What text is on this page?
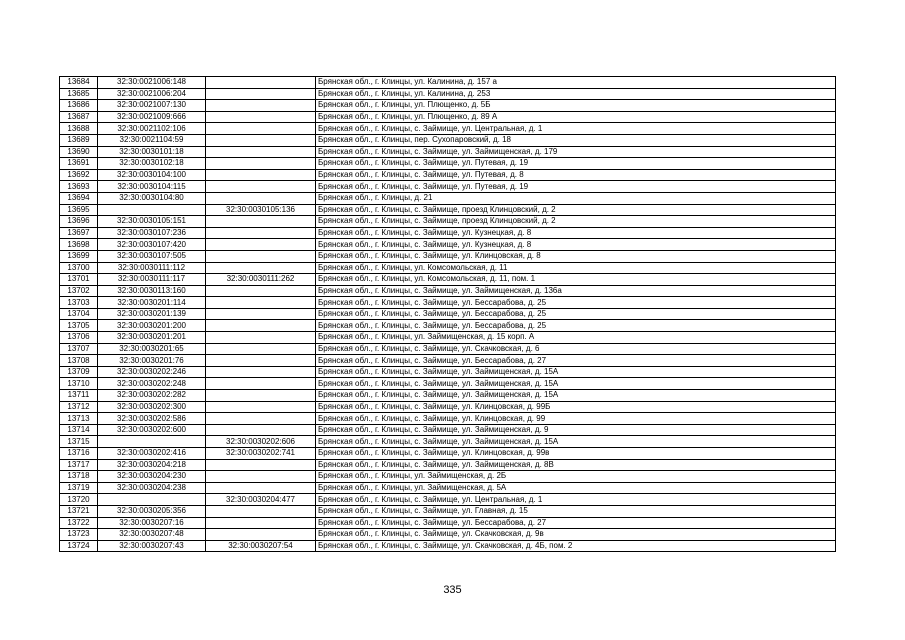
13684	32:30:0021006:148		Брянская обл., г. Клинцы, ул. Калинина, д. 157 а
13685	32:30:0021006:204		Брянская обл., г. Клинцы, ул. Калинина, д. 253
13686	32:30:0021007:130		Брянская обл., г. Клинцы, ул. Плющенко, д. 5Б
13687	32:30:0021009:666		Брянская обл., г. Клинцы, ул. Плющенко, д. 89 А
13688	32:30:0021102:106		Брянская обл., г. Клинцы, с. Займище, ул. Центральная, д. 1
13689	32:30:0021104:59		Брянская обл., г. Клинцы, пер. Сухопаровский, д. 18
13690	32:30:0030101:18		Брянская обл., г. Клинцы, с. Займище, ул. Займищенская, д. 179
13691	32:30:0030102:18		Брянская обл., г. Клинцы, с. Займище, ул. Путевая, д. 19
13692	32:30:0030104:100		Брянская обл., г. Клинцы, с. Займище, ул. Путевая, д. 8
13693	32:30:0030104:115		Брянская обл., г. Клинцы, с. Займище, ул. Путевая, д. 19
13694	32:30:0030104:80		Брянская обл., г. Клинцы, д. 21
13695		32:30:0030105:136	Брянская обл., г. Клинцы, с. Займище, проезд Клинцовский, д. 2
13696	32:30:0030105:151		Брянская обл., г. Клинцы, с. Займище, проезд Клинцовский, д. 2
13697	32:30:0030107:236		Брянская обл., г. Клинцы, с. Займище, ул. Кузнецкая, д. 8
13698	32:30:0030107:420		Брянская обл., г. Клинцы, с. Займище, ул. Кузнецкая, д. 8
13699	32:30:0030107:505		Брянская обл., г. Клинцы, с. Займище, ул. Клинцовская, д. 8
13700	32:30:0030111:112		Брянская обл., г. Клинцы, ул. Комсомольская, д. 11
13701	32:30:0030111:117	32:30:0030111:262	Брянская обл., г. Клинцы, ул. Комсомольская, д. 11, пом. 1
13702	32:30:0030113:160		Брянская обл., г. Клинцы, с. Займище, ул. Займищенская, д. 136а
13703	32:30:0030201:114		Брянская обл., г. Клинцы, с. Займище, ул. Бессарабова, д. 25
13704	32:30:0030201:139		Брянская обл., г. Клинцы, с. Займище, ул. Бессарабова, д. 25
13705	32:30:0030201:200		Брянская обл., г. Клинцы, с. Займище, ул. Бессарабова, д. 25
13706	32:30:0030201:201		Брянская обл., г. Клинцы, ул. Займищенская, д. 15 корп. А
13707	32:30:0030201:65		Брянская обл., г. Клинцы, с. Займище, ул. Скачковская, д. 6
13708	32:30:0030201:76		Брянская обл., г. Клинцы, с. Займище, ул. Бессарабова, д. 27
13709	32:30:0030202:246		Брянская обл., г. Клинцы, с. Займище, ул. Займищенская, д. 15А
13710	32:30:0030202:248		Брянская обл., г. Клинцы, с. Займище, ул. Займищенская, д. 15А
13711	32:30:0030202:282		Брянская обл., г. Клинцы, с. Займище, ул. Займищенская, д. 15А
13712	32:30:0030202:300		Брянская обл., г. Клинцы, с. Займище, ул. Клинцовская, д. 99Б
13713	32:30:0030202:586		Брянская обл., г. Клинцы, с. Займище, ул. Клинцовская, д. 99
13714	32:30:0030202:600		Брянская обл., г. Клинцы, с. Займище, ул. Займищенская, д. 9
13715		32:30:0030202:606	Брянская обл., г. Клинцы, с. Займище, ул. Займищенская, д. 15А
13716	32:30:0030202:416	32:30:0030202:741	Брянская обл., г. Клинцы, с. Займище, ул. Клинцовская, д. 99в
13717	32:30:0030204:218		Брянская обл., г. Клинцы, с. Займище, ул. Займищенская, д. 8В
13718	32:30:0030204:230		Брянская обл., г. Клинцы, ул. Займищенская, д. 2Б
13719	32:30:0030204:238		Брянская обл., г. Клинцы, ул. Займищенская, д. 5А
13720		32:30:0030204:477	Брянская обл., г. Клинцы, с. Займище, ул. Центральная, д. 1
13721	32:30:0030205:356		Брянская обл., г. Клинцы, с. Займище, ул. Главная, д. 15
13722	32:30:0030207:16		Брянская обл., г. Клинцы, с. Займище, ул. Бессарабова, д. 27
13723	32:30:0030207:48		Брянская обл., г. Клинцы, с. Займище, ул. Скачковская, д. 9в
13724	32:30:0030207:43	32:30:0030207:54	Брянская обл., г. Клинцы, с. Займище, ул. Скачковская, д. 4Б, пом. 2
335
